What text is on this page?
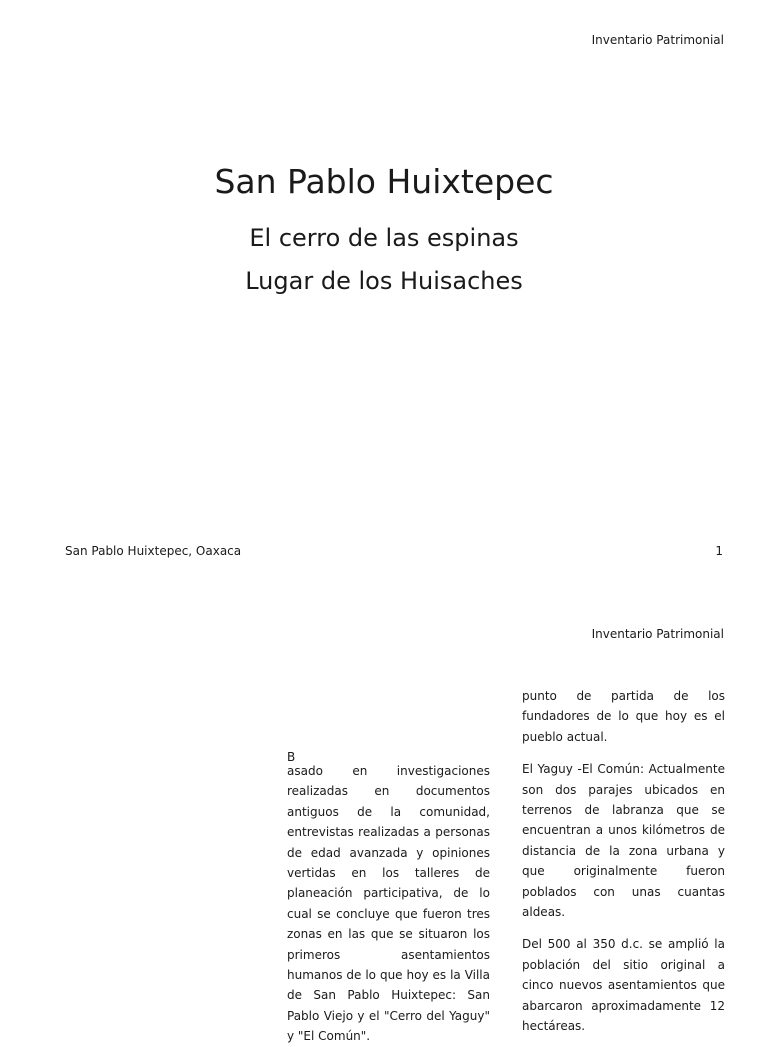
Inventario Patrimonial
San Pablo Huixtepec
El cerro de las espinas
Lugar de los Huisaches
San Pablo Huixtepec, Oaxaca	1
Inventario Patrimonial
B

asado en investigaciones realizadas en documentos antiguos de la comunidad, entrevistas realizadas a personas de edad avanzada y opiniones vertidas en los talleres de planeación participativa, de lo cual se concluye que fueron tres zonas en las que se situaron los primeros asentamientos humanos de lo que hoy es la Villa de San Pablo Huixtepec: San Pablo Viejo y el "Cerro del Yaguy" y "El Común".

punto de partida de los fundadores de lo que hoy es el pueblo actual.

El Yaguy -El Común: Actualmente son dos parajes ubicados en terrenos de labranza que se encuentran a unos kilómetros de distancia de la zona urbana y que originalmente fueron poblados con unas cuantas aldeas.

Del 500 al 350 d.c. se amplió la población del sitio original a cinco nuevos asentamientos que abarcaron aproximadamente 12 hectáreas.
